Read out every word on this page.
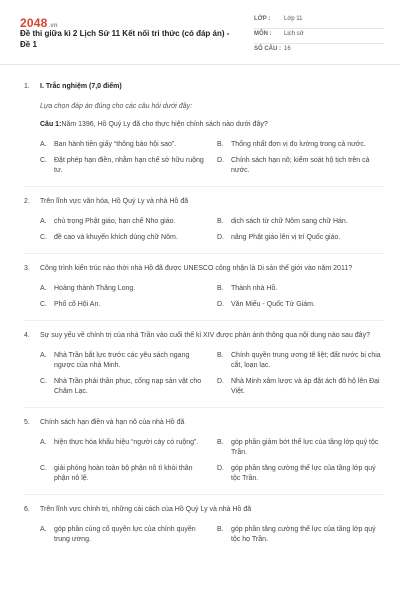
2048.vn
Đề thi giữa kì 2 Lịch Sử 11 Kết nối tri thức (có đáp án) - Đề 1
LỚP : Lớp 11
MÔN : Lịch sử
SỐ CÂU : 16
1. I. Trắc nghiệm (7,0 điểm)
Lựa chọn đáp án đúng cho các câu hỏi dưới đây:
Câu 1:Năm 1396, Hồ Quý Ly đã cho thực hiện chính sách nào dưới đây?
A.	Ban hành tiền giấy “thông bảo hội sao”.	B.	Thống nhất đơn vị đo lường trong cả nước.
C.	Đặt phép hạn điền, nhằm hạn chế sở hữu ruộng tư.
D.	Chính sách hạn nô; kiểm soát hộ tịch trên cả nước.
2. Trên lĩnh vực văn hóa, Hồ Quý Ly và nhà Hồ đã
A.	chủ trọng Phật giáo, hạn chế Nho giáo.	B.	dịch sách từ chữ Nôm sang chữ Hán.
C.	đề cao và khuyến khích dùng chữ Nôm.	D.	nâng Phật giáo lên vị trí Quốc giáo.
3. Công trình kiến trúc nào thời nhà Hồ đã được UNESCO công nhận là Di sản thế giới vào năm 2011?
A.	Hoàng thành Thăng Long.	B.	Thành nhà Hồ.
C.	Phố cổ Hội An.	D.	Văn Miếu - Quốc Tử Giám.
4. Sự suy yếu về chính trị của nhà Trần vào cuối thế kỉ XIV được phản ánh thông qua nội dung nào sau đây?
A.	Nhà Trần bắt lực trước các yêu sách ngang ngược của nhà Minh.
B.	Chính quyền trung ương tê liệt; đất nước bị chia cắt, loạn lạc.
C.	Nhà Trần phải thần phục, cống nạp sản vật cho Chăm Lạc.
D.	Nhà Minh xâm lược và áp đặt ách đô hộ lên Đại Việt.
5. Chính sách hạn điền và hạn nô của nhà Hồ đã
A.	hiện thực hóa khẩu hiệu “người cày có ruộng”.	B.	góp phần giảm bớt thế lực của tầng lớp quý tộc Trần.
C.	giải phóng hoàn toàn bộ phận nô tì khỏi thân phận nô lệ.
D.	góp phần tăng cường thế lực của tầng lớp quý tộc Trần.
6. Trên lĩnh vực chính trị, những cải cách của Hồ Quý Ly và nhà Hồ đã
A.	góp phần củng cố quyền lực của chính quyền trung ương.
B.	góp phần tăng cường thế lực của tầng lớp quý tộc họ Trần.
